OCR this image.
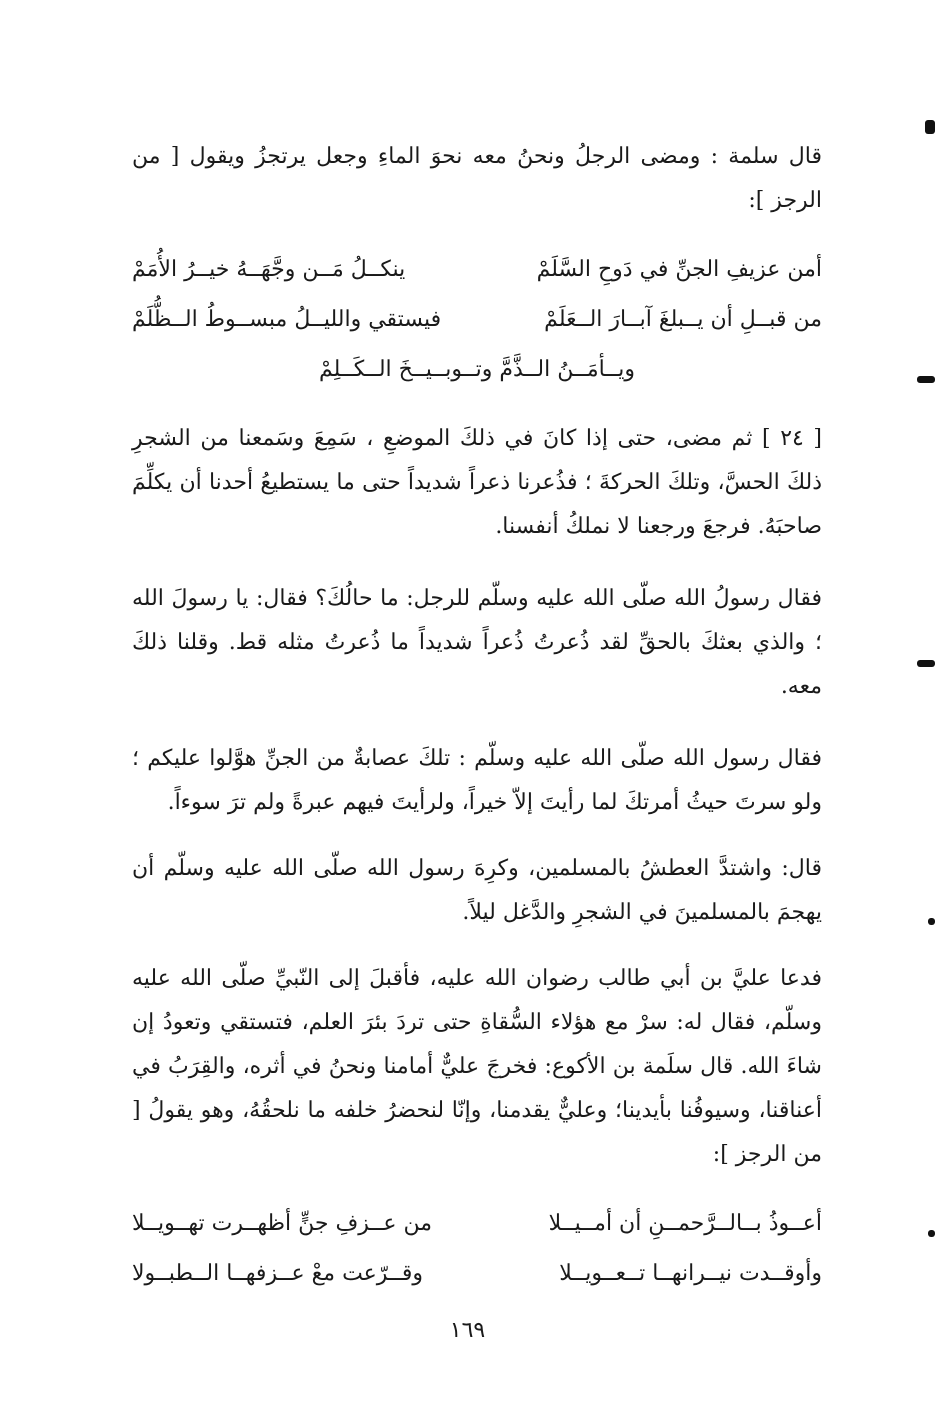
قال سلمة : ومضى الرجلُ ونحنُ معه نحوَ الماءِ وجعل يرتجزُ ويقول [ من الرجز ]:

أمن عزيفِ الجنِّ في دَوحِ السَّلَمْ
ينكــلُ مَــن وجَّهَــهُ خيــرُ الأُمَمْ
من قبــلِ أن يــبلغَ آبــارَ الــعَلَمْ
فيستقي والليــلُ مبســوطُ الــظُّلَمْ
ويــأمَــنُ الــذَّمَّ وتــوبــيــخَ الــكَــلِمْ

[ ٢٤ ] ثم مضى، حتى إذا كانَ في ذلكَ الموضعِ ، سَمِعَ وسَمعنا من الشجرِ ذلكَ الحسَّ، وتلكَ الحركةَ ؛ فذُعرنا ذعراً شديداً حتى ما يستطيعُ أحدنا أن يكلِّمَ صاحبَهُ. فرجعَ ورجعنا لا نملكُ أنفسنا.

فقال رسولُ الله صلّى الله عليه وسلّم للرجل: ما حالُكَ؟ فقال: يا رسولَ الله ؛ والذي بعثكَ بالحقِّ لقد ذُعرتُ ذُعراً شديداً ما ذُعرتُ مثله قط. وقلنا ذلكَ معه.

فقال رسول الله صلّى الله عليه وسلّم : تلكَ عصابةٌ من الجنِّ هوَّلوا عليكم ؛ ولو سرتَ حيثُ أمرتكَ لما رأيتَ إلاّ خيراً، ولرأيتَ فيهم عبرةً ولم ترَ سوءاً.

قال: واشتدَّ العطشُ بالمسلمين، وكرِهَ رسول الله صلّى الله عليه وسلّم أن يهجمَ بالمسلمينَ في الشجرِ والدَّغل ليلاً.

فدعا عليَّ بن أبي طالب رضوان الله عليه، فأقبلَ إلى النّبيِّ صلّى الله عليه وسلّم، فقال له: سرْ مع هؤلاء السُّقاةِ حتى تردَ بئرَ العلم، فتستقي وتعودُ إن شاءَ الله. قال سلَمة بن الأكوع: فخرجَ عليٌّ أمامنا ونحنُ في أثره، والقِرَبُ في أعناقنا، وسيوفُنا بأيدينا؛ وعليٌّ يقدمنا، وإنّا لنحضرُ خلفه ما نلحقُهُ، وهو يقولُ [ من الرجز ]:

أعــوذُ بــالــرَّحمــنِ أن أمــيــلا
من عــزفِ جنٍّ أظهــرت تهــويــلا
وأوقــدت نيــرانهــا تــعــويــلا
وقــرّعت معْ عــزفهــا الــطبــولا
١٦٩
